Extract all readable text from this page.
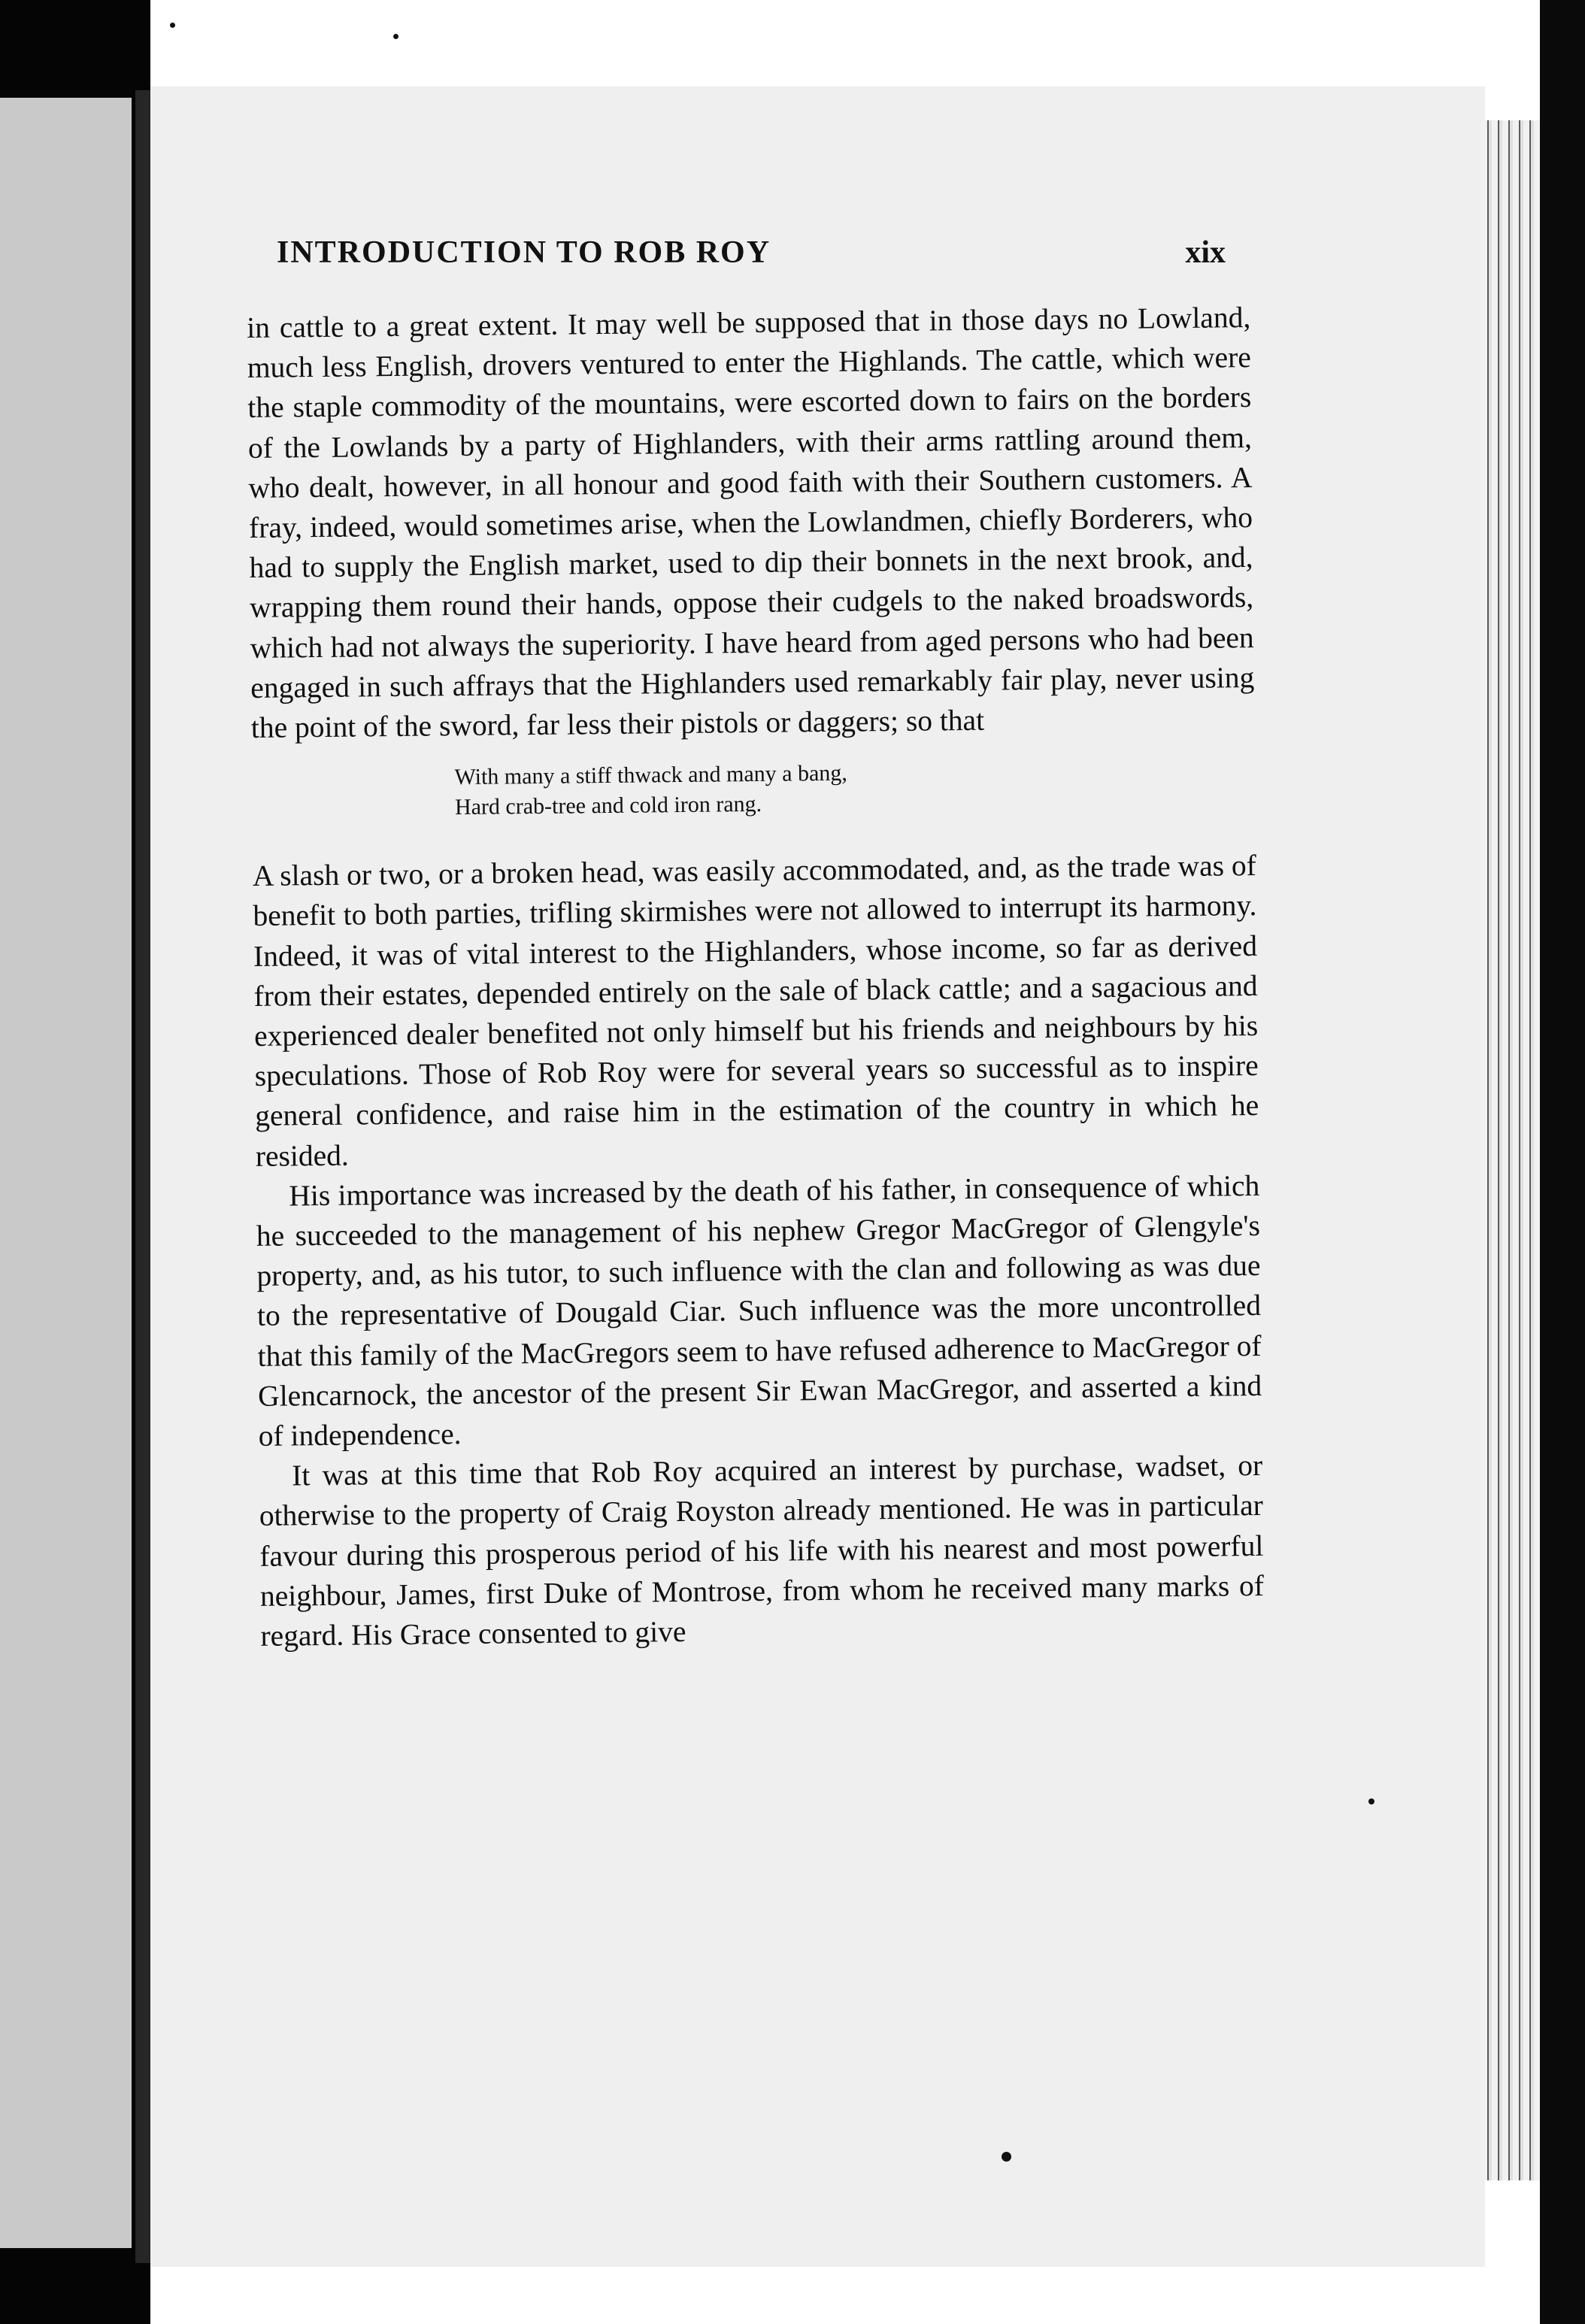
INTRODUCTION TO ROB ROY	xix

in cattle to a great extent. It may well be supposed that in those days no Lowland, much less English, drovers ventured to enter the Highlands. The cattle, which were the staple commodity of the mountains, were escorted down to fairs on the borders of the Lowlands by a party of Highlanders, with their arms rattling around them, who dealt, however, in all honour and good faith with their Southern customers. A fray, indeed, would sometimes arise, when the Lowlandmen, chiefly Borderers, who had to supply the English market, used to dip their bonnets in the next brook, and, wrapping them round their hands, oppose their cudgels to the naked broadswords, which had not always the superiority. I have heard from aged persons who had been engaged in such affrays that the Highlanders used remarkably fair play, never using the point of the sword, far less their pistols or daggers; so that

With many a stiff thwack and many a bang,
Hard crab-tree and cold iron rang.

A slash or two, or a broken head, was easily accommodated, and, as the trade was of benefit to both parties, trifling skirmishes were not allowed to interrupt its harmony. Indeed, it was of vital interest to the Highlanders, whose income, so far as derived from their estates, depended entirely on the sale of black cattle; and a sagacious and experienced dealer benefited not only himself but his friends and neighbours by his speculations. Those of Rob Roy were for several years so successful as to inspire general confidence, and raise him in the estimation of the country in which he resided.

His importance was increased by the death of his father, in consequence of which he succeeded to the management of his nephew Gregor MacGregor of Glengyle's property, and, as his tutor, to such influence with the clan and following as was due to the representative of Dougald Ciar. Such influence was the more uncontrolled that this family of the MacGregors seem to have refused adherence to MacGregor of Glencarnock, the ancestor of the present Sir Ewan MacGregor, and asserted a kind of independence.

It was at this time that Rob Roy acquired an interest by purchase, wadset, or otherwise to the property of Craig Royston already mentioned. He was in particular favour during this prosperous period of his life with his nearest and most powerful neighbour, James, first Duke of Montrose, from whom he received many marks of regard. His Grace consented to give
